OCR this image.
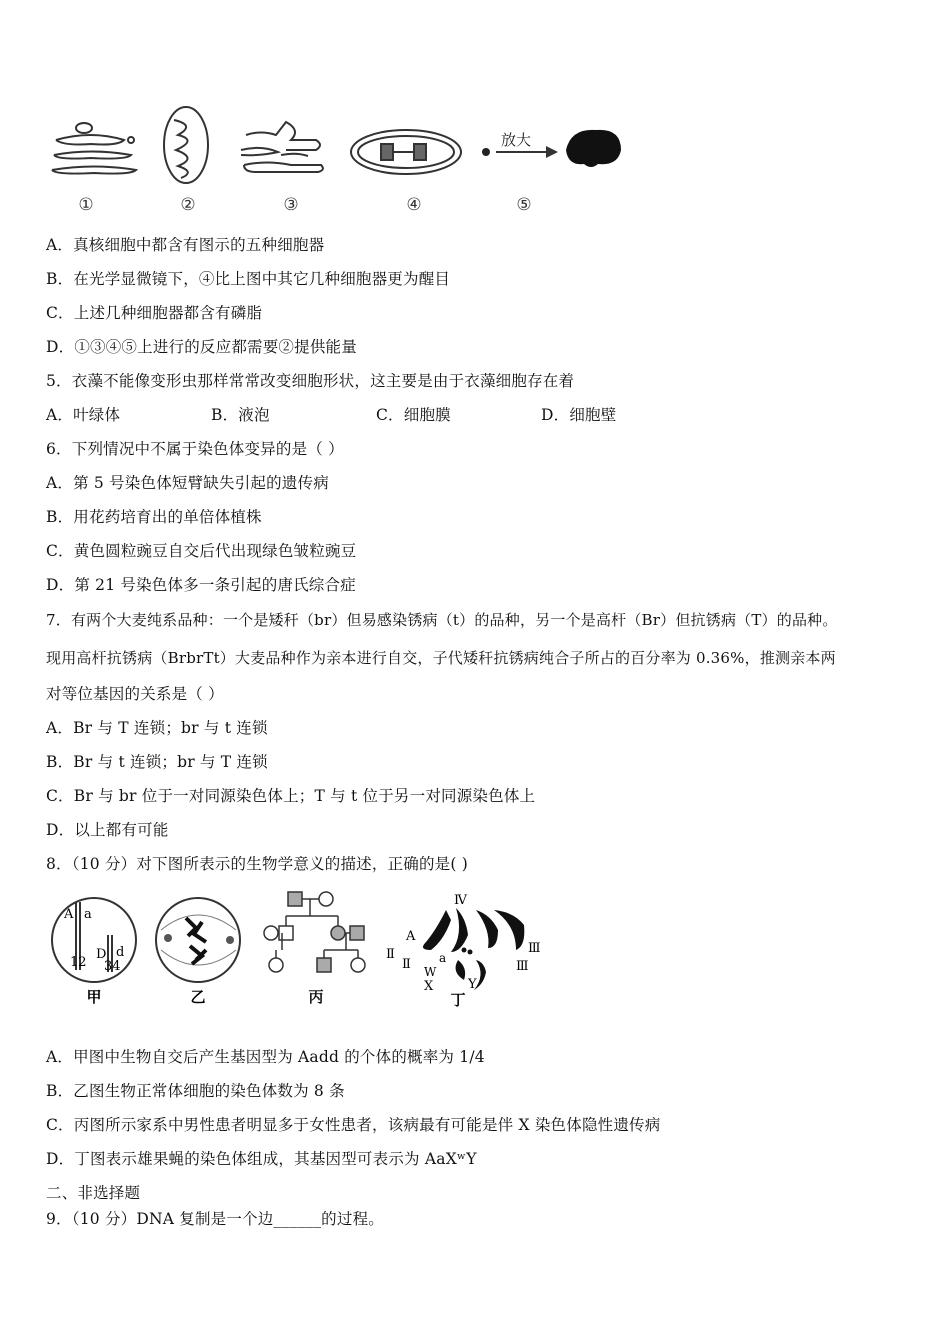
放大
①	②	③	④	⑤
A．真核细胞中都含有图示的五种细胞器
B．在光学显微镜下，④比上图中其它几种细胞器更为醒目
C．上述几种细胞器都含有磷脂
D．①③④⑤上进行的反应都需要②提供能量
5．衣藻不能像变形虫那样常常改变细胞形状，这主要是由于衣藻细胞存在着
A．叶绿体	B．液泡	C．细胞膜	D．细胞壁
6．下列情况中不属于染色体变异的是（ ）
A．第 5 号染色体短臂缺失引起的遗传病
B．用花药培育出的单倍体植株
C．黄色圆粒豌豆自交后代出现绿色皱粒豌豆
D．第 21 号染色体多一条引起的唐氏综合症
7．有两个大麦纯系品种：一个是矮秆（br）但易感染锈病（t）的品种，另一个是高杆（Br）但抗锈病（T）的品种。
现用高杆抗锈病（BrbrTt）大麦品种作为亲本进行自交，子代矮秆抗锈病纯合子所占的百分率为 0.36%，推测亲本两
对等位基因的关系是（ ）
A．Br 与 T 连锁；br 与 t 连锁
B．Br 与 t 连锁；br 与 T 连锁
C．Br 与 br 位于一对同源染色体上；T 与 t 位于另一对同源染色体上
D．以上都有可能
8．（10 分）对下图所表示的生物学意义的描述，正确的是( )
A a
D d
12 34
甲	乙	丙
Ⅳ
A
a
Ⅱ
Ⅱ
Ⅲ
Ⅲ
W
X	Y
丁
A．甲图中生物自交后产生基因型为 Aadd 的个体的概率为 1/4
B．乙图生物正常体细胞的染色体数为 8 条
C．丙图所示家系中男性患者明显多于女性患者，该病最有可能是伴 X 染色体隐性遗传病
D．丁图表示雄果蝇的染色体组成，其基因型可表示为 AaXʷY
二、非选择题
9．（10 分）DNA 复制是一个边______的过程。
